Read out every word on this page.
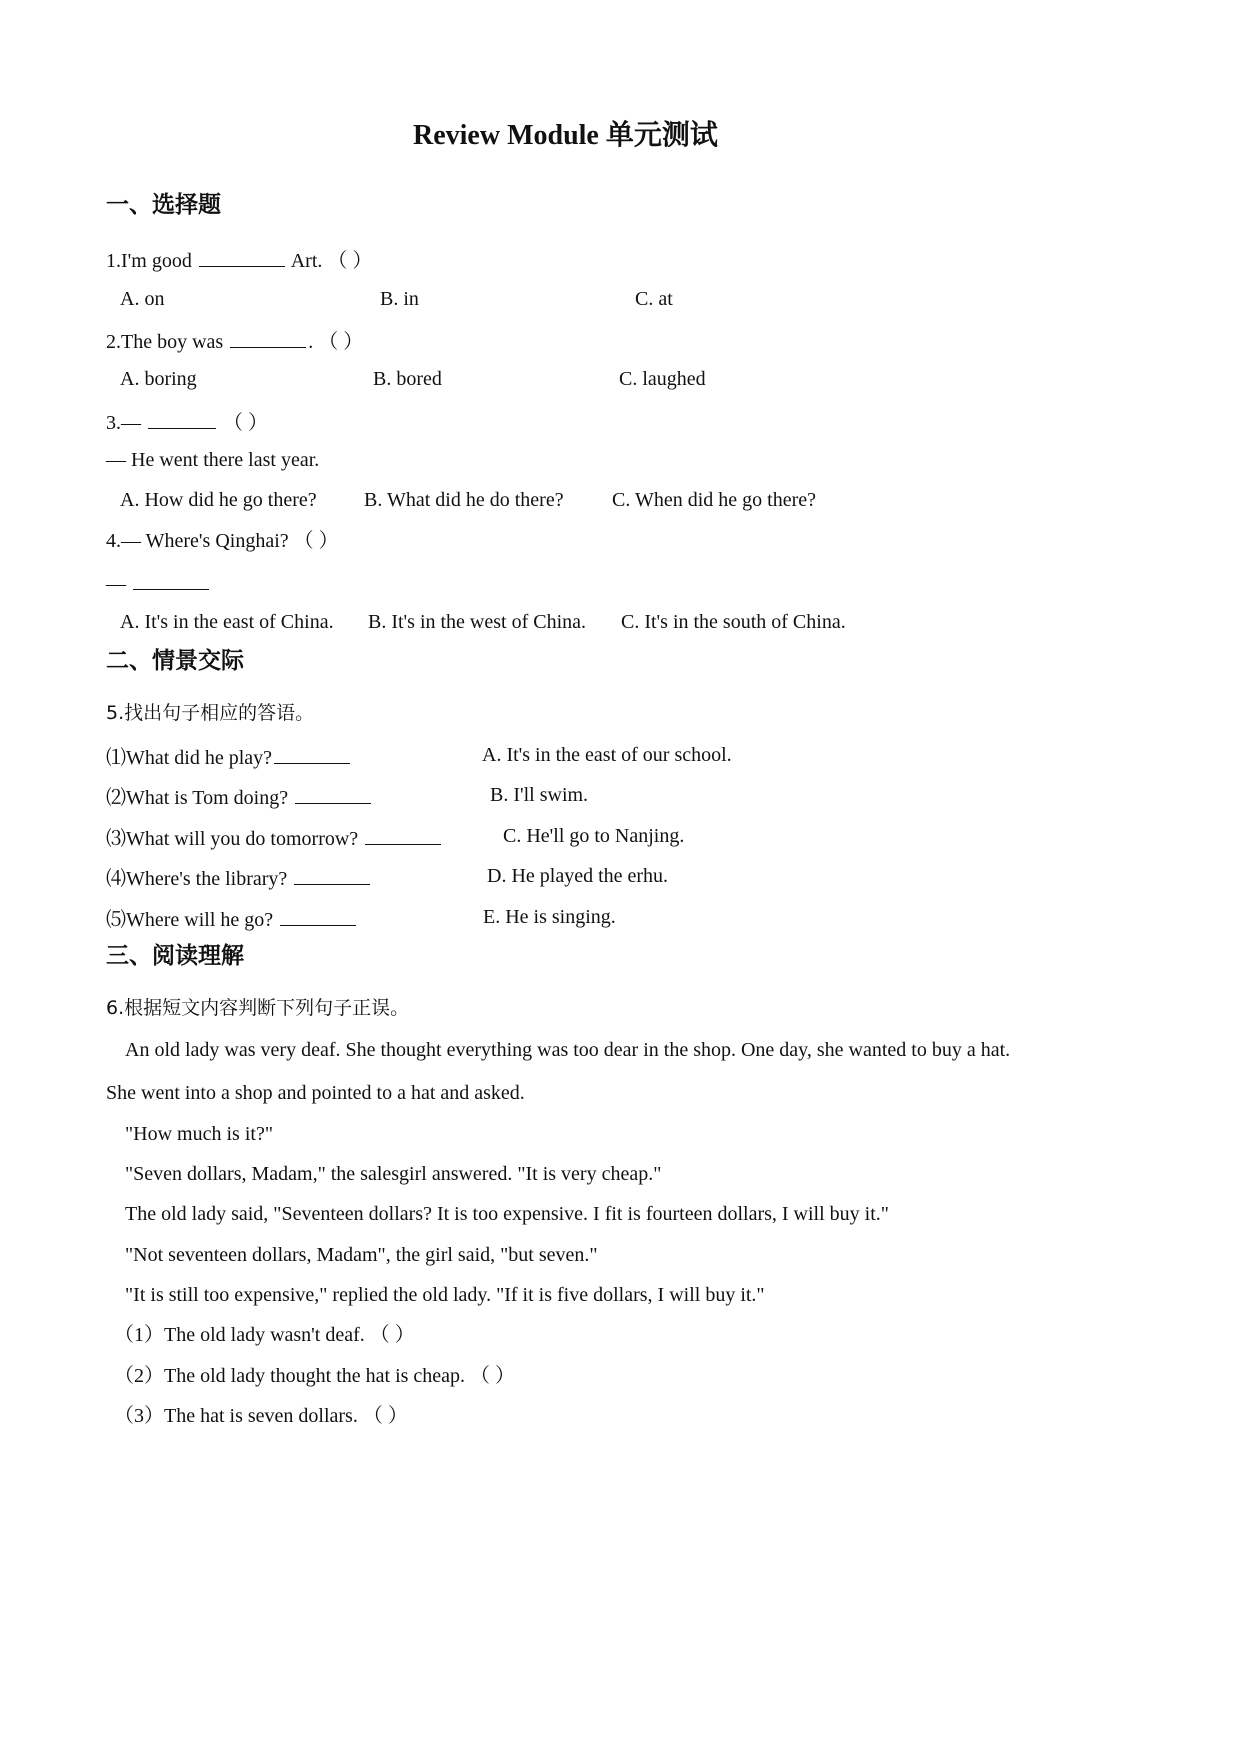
Review Module 单元测试
一、选择题
1.I'm good	Art. （ ）
A. on	B. in	C. at
2.The boy was	. （ ）
A. boring	B. bored	C. laughed
3.—	（ ）
— He went there last year.
A. How did he go there? B. What did he do there? C. When did he go there?
4.— Where's Qinghai? （ ）
—
A. It's in the east of China. B. It's in the west of China. C. It's in the south of China.
二、情景交际
5.找出句子相应的答语。
⑴What did he play?	A. It's in the east of our school.
⑵What is Tom doing?	B. I'll swim.
⑶What will you do tomorrow?	C. He'll go to Nanjing.
⑷Where's the library?	D. He played the erhu.
⑸Where will he go?	E. He is singing.
三、阅读理解
6.根据短文内容判断下列句子正误。
An old lady was very deaf. She thought everything was too dear in the shop. One day, she wanted to buy a hat.
She went into a shop and pointed to a hat and asked.
"How much is it?"
"Seven dollars, Madam," the salesgirl answered. "It is very cheap."
The old lady said, "Seventeen dollars? It is too expensive. I fit is fourteen dollars, I will buy it."
"Not seventeen dollars, Madam", the girl said, "but seven."
"It is still too expensive," replied the old lady. "If it is five dollars, I will buy it."
（1）The old lady wasn't deaf. （ ）
（2）The old lady thought the hat is cheap. （ ）
（3）The hat is seven dollars. （ ）
